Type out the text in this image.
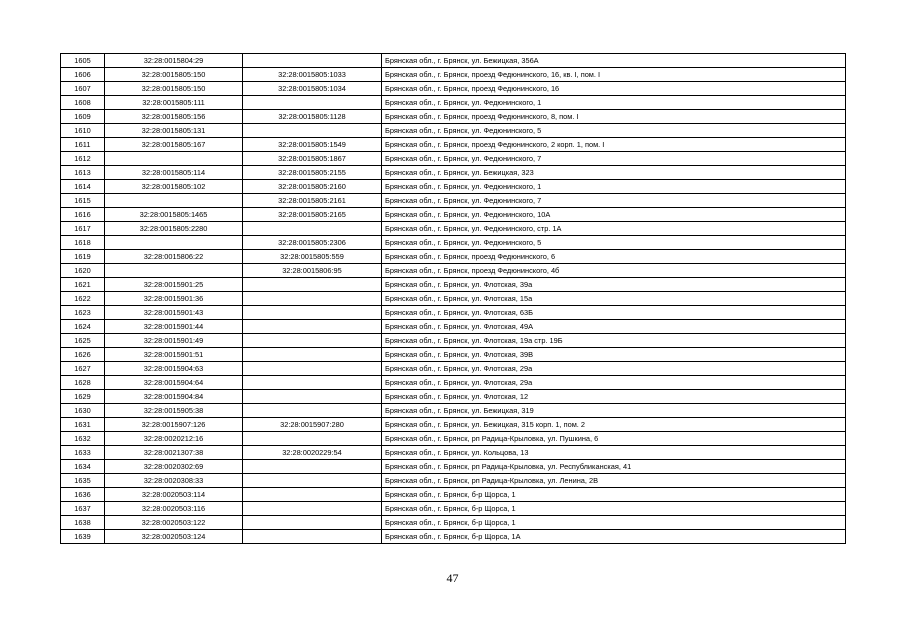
1605	32:28:0015804:29		Брянская обл., г. Брянск, ул. Бежицкая, 356А
1606	32:28:0015805:150	32:28:0015805:1033	Брянская обл., г. Брянск, проезд Федюнинского, 16, кв. I, пом. I
1607	32:28:0015805:150	32:28:0015805:1034	Брянская обл., г. Брянск, проезд Федюнинского, 16
1608	32:28:0015805:111		Брянская обл., г. Брянск, ул. Федюнинского, 1
1609	32:28:0015805:156	32:28:0015805:1128	Брянская обл., г. Брянск, проезд Федюнинского, 8, пом. I
1610	32:28:0015805:131		Брянская обл., г. Брянск, ул. Федюнинского, 5
1611	32:28:0015805:167	32:28:0015805:1549	Брянская обл., г. Брянск, проезд Федюнинского, 2 корп. 1, пом. I
1612		32:28:0015805:1867	Брянская обл., г. Брянск, ул. Федюнинского, 7
1613	32:28:0015805:114	32:28:0015805:2155	Брянская обл., г. Брянск, ул. Бежицкая, 323
1614	32:28:0015805:102	32:28:0015805:2160	Брянская обл., г. Брянск, ул. Федюнинского, 1
1615		32:28:0015805:2161	Брянская обл., г. Брянск, ул. Федюнинского, 7
1616	32:28:0015805:1465	32:28:0015805:2165	Брянская обл., г. Брянск, ул. Федюнинского, 10А
1617	32:28:0015805:2280		Брянская обл., г. Брянск, ул. Федюнинского, стр. 1А
1618		32:28:0015805:2306	Брянская обл., г. Брянск, ул. Федюнинского, 5
1619	32:28:0015806:22	32:28:0015805:559	Брянская обл., г. Брянск, проезд Федюнинского, 6
1620		32:28:0015806:95	Брянская обл., г. Брянск, проезд Федюнинского, 4б
1621	32:28:0015901:25		Брянская обл., г. Брянск, ул. Флотская, 39а
1622	32:28:0015901:36		Брянская обл., г. Брянск, ул. Флотская, 15а
1623	32:28:0015901:43		Брянская обл., г. Брянск, ул. Флотская, 63Б
1624	32:28:0015901:44		Брянская обл., г. Брянск, ул. Флотская, 49А
1625	32:28:0015901:49		Брянская обл., г. Брянск, ул. Флотская, 19а стр. 19Б
1626	32:28:0015901:51		Брянская обл., г. Брянск, ул. Флотская, 39В
1627	32:28:0015904:63		Брянская обл., г. Брянск, ул. Флотская, 29а
1628	32:28:0015904:64		Брянская обл., г. Брянск, ул. Флотская, 29а
1629	32:28:0015904:84		Брянская обл., г. Брянск, ул. Флотская, 12
1630	32:28:0015905:38		Брянская обл., г. Брянск, ул. Бежицкая, 319
1631	32:28:0015907:126	32:28:0015907:280	Брянская обл., г. Брянск, ул. Бежицкая, 315 корп. 1, пом. 2
1632	32:28:0020212:16		Брянская обл., г. Брянск, рп Радица-Крыловка, ул. Пушкина, 6
1633	32:28:0021307:38	32:28:0020229:54	Брянская обл., г. Брянск, ул. Кольцова, 13
1634	32:28:0020302:69		Брянская обл., г. Брянск, рп Радица-Крыловка, ул. Республиканская, 41
1635	32:28:0020308:33		Брянская обл., г. Брянск, рп Радица-Крыловка, ул. Ленина, 2В
1636	32:28:0020503:114		Брянская обл., г. Брянск, б-р Щорса, 1
1637	32:28:0020503:116		Брянская обл., г. Брянск, б-р Щорса, 1
1638	32:28:0020503:122		Брянская обл., г. Брянск, б-р Щорса, 1
1639	32:28:0020503:124		Брянская обл., г. Брянск, б-р Щорса, 1А
47
